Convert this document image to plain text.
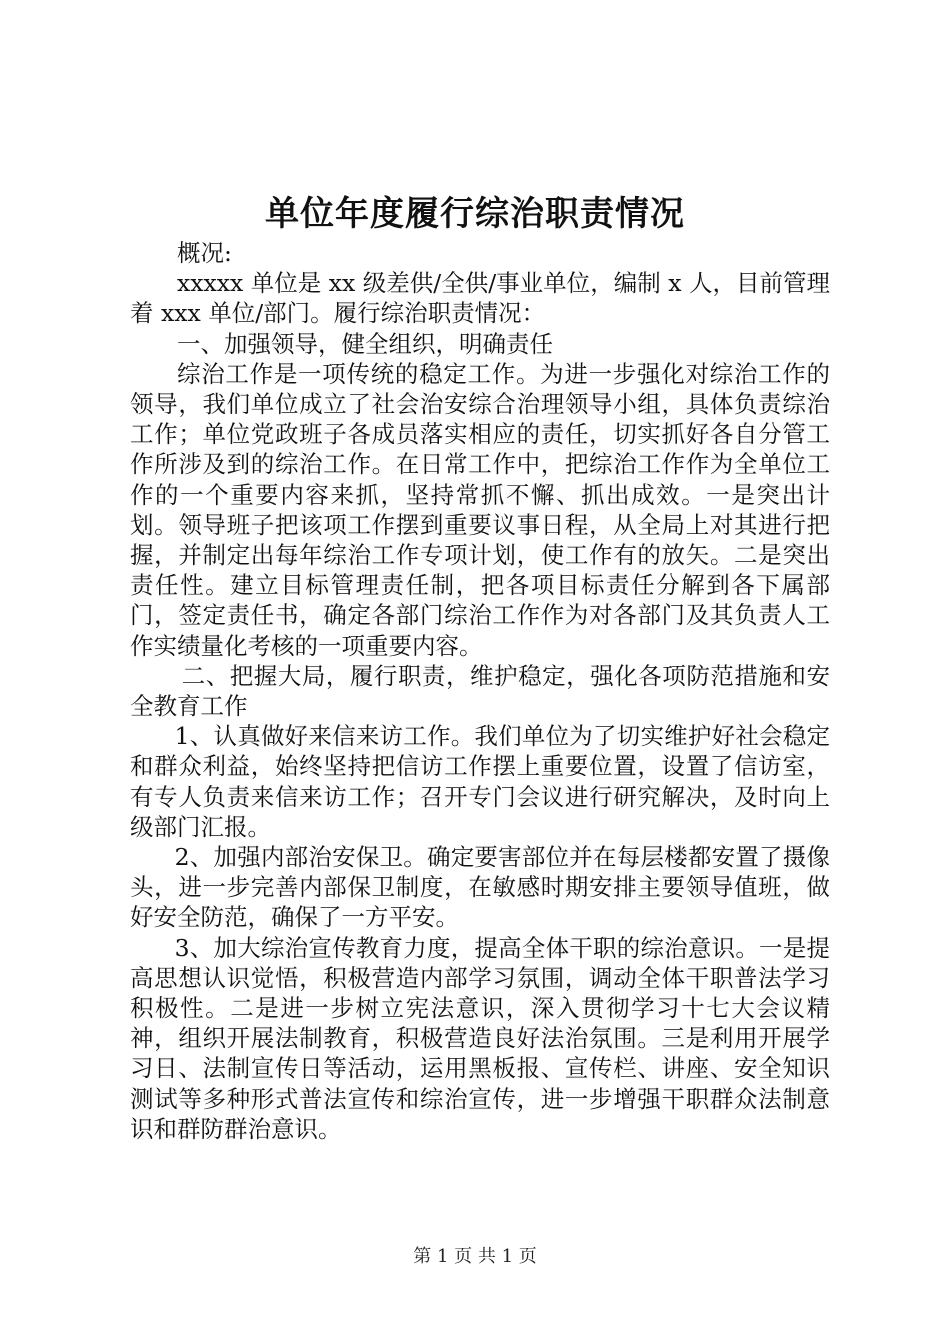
单位年度履行综治职责情况

概况:

xxxxx 单位是 xx 级差供/全供/事业单位，编制 x 人，目前管理着 xxx 单位/部门。履行综治职责情况：

一、加强领导，健全组织，明确责任

综治工作是一项传统的稳定工作。为进一步强化对综治工作的领导，我们单位成立了社会治安综合治理领导小组，具体负责综治工作；单位党政班子各成员落实相应的责任，切实抓好各自分管工作所涉及到的综治工作。在日常工作中，把综治工作作为全单位工作的一个重要内容来抓，坚持常抓不懈、抓出成效。一是突出计划。领导班子把该项工作摆到重要议事日程，从全局上对其进行把握，并制定出每年综治工作专项计划，使工作有的放矢。二是突出责任性。建立目标管理责任制，把各项目标责任分解到各下属部门，签定责任书，确定各部门综治工作作为对各部门及其负责人工作实绩量化考核的一项重要内容。

二、把握大局，履行职责，维护稳定，强化各项防范措施和安全教育工作

1、认真做好来信来访工作。我们单位为了切实维护好社会稳定和群众利益，始终坚持把信访工作摆上重要位置，设置了信访室，有专人负责来信来访工作；召开专门会议进行研究解决，及时向上级部门汇报。

2、加强内部治安保卫。确定要害部位并在每层楼都安置了摄像头，进一步完善内部保卫制度，在敏感时期安排主要领导值班，做好安全防范，确保了一方平安。

3、加大综治宣传教育力度，提高全体干职的综治意识。一是提高思想认识觉悟，积极营造内部学习氛围，调动全体干职普法学习积极性。二是进一步树立宪法意识，深入贯彻学习十七大会议精神，组织开展法制教育，积极营造良好法治氛围。三是利用开展学习日、法制宣传日等活动，运用黑板报、宣传栏、讲座、安全知识测试等多种形式普法宣传和综治宣传，进一步增强干职群众法制意识和群防群治意识。

第 1 页 共 1 页
